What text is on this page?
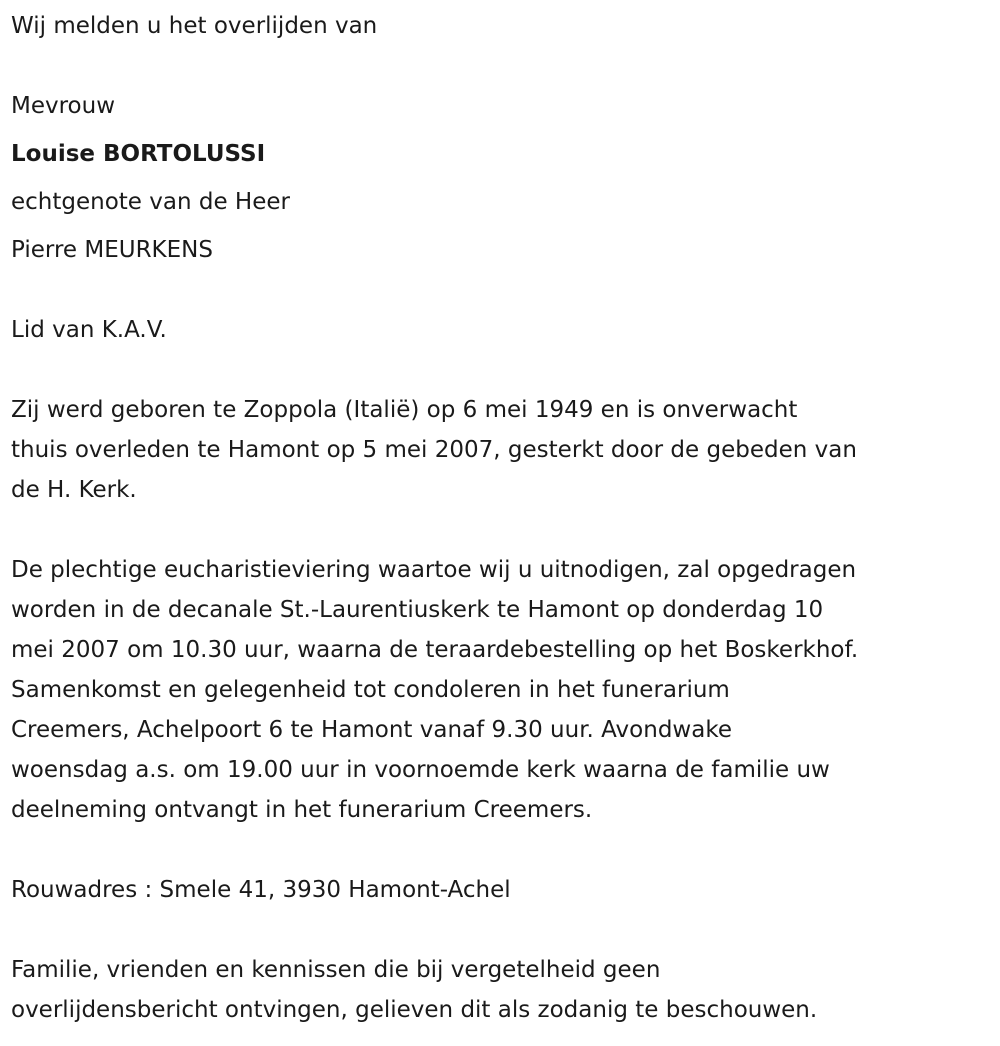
Wij melden u het overlijden van
Mevrouw
Louise BORTOLUSSI
echtgenote van de Heer
Pierre MEURKENS
Lid van K.A.V.
Zij werd geboren te Zoppola (Italië) op 6 mei 1949 en is onverwacht
thuis overleden te Hamont op 5 mei 2007, gesterkt door de gebeden van
de H. Kerk.
De plechtige eucharistieviering waartoe wij u uitnodigen, zal opgedragen
worden in de decanale St.-Laurentiuskerk te Hamont op donderdag 10
mei 2007 om 10.30 uur, waarna de teraardebestelling op het Boskerkhof.
Samenkomst en gelegenheid tot condoleren in het funerarium
Creemers, Achelpoort 6 te Hamont vanaf 9.30 uur. Avondwake
woensdag a.s. om 19.00 uur in voornoemde kerk waarna de familie uw
deelneming ontvangt in het funerarium Creemers.
Rouwadres : Smele 41, 3930 Hamont-Achel
Familie, vrienden en kennissen die bij vergetelheid geen
overlijdensbericht ontvingen, gelieven dit als zodanig te beschouwen.
